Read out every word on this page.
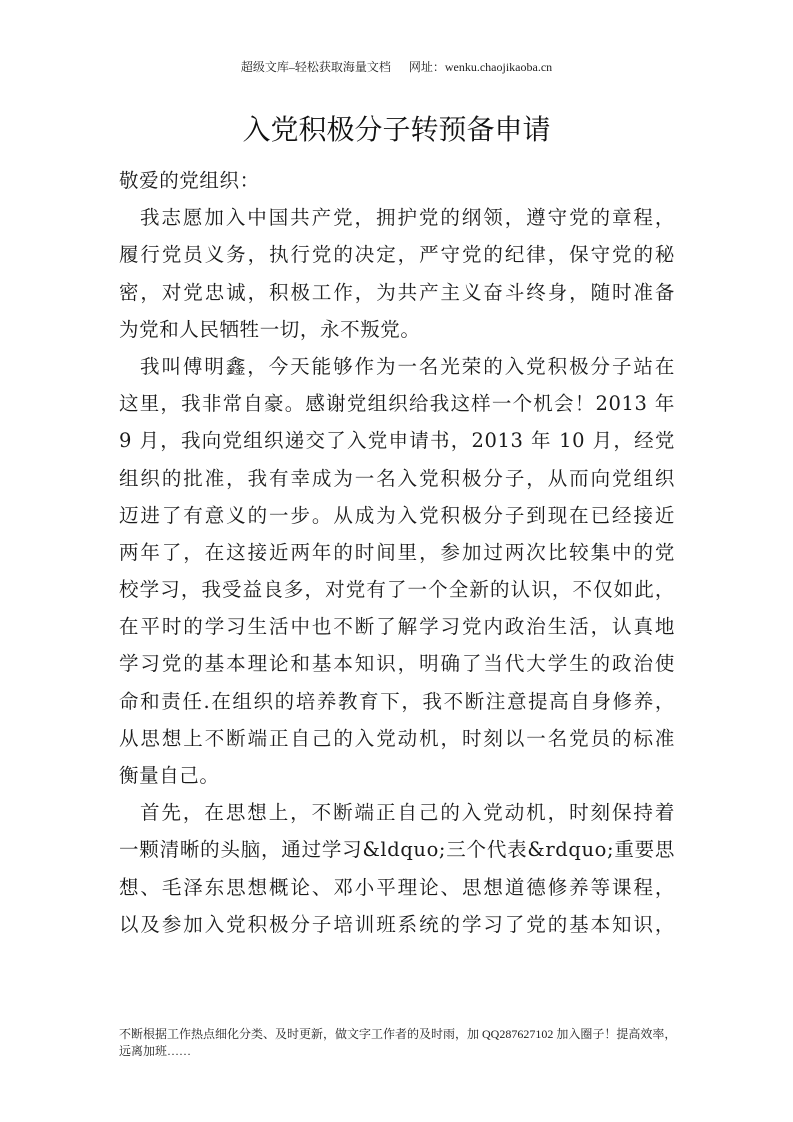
超级文库–轻松获取海量文档 网址：wenku.chaojikaoba.cn
入党积极分子转预备申请
敬爱的党组织：
我志愿加入中国共产党，拥护党的纲领，遵守党的章程，
履行党员义务，执行党的决定，严守党的纪律，保守党的秘
密，对党忠诚，积极工作，为共产主义奋斗终身，随时准备
为党和人民牺牲一切，永不叛党。
我叫傅明鑫，今天能够作为一名光荣的入党积极分子站在
这里，我非常自豪。感谢党组织给我这样一个机会！2013 年
9 月，我向党组织递交了入党申请书，2013 年 10 月，经党
组织的批准，我有幸成为一名入党积极分子，从而向党组织
迈进了有意义的一步。从成为入党积极分子到现在已经接近
两年了，在这接近两年的时间里，参加过两次比较集中的党
校学习，我受益良多，对党有了一个全新的认识，不仅如此，
在平时的学习生活中也不断了解学习党内政治生活，认真地
学习党的基本理论和基本知识，明确了当代大学生的政治使
命和责任.在组织的培养教育下，我不断注意提高自身修养，
从思想上不断端正自己的入党动机，时刻以一名党员的标准
衡量自己。
首先，在思想上，不断端正自己的入党动机，时刻保持着
一颗清晰的头脑，通过学习&ldquo;三个代表&rdquo;重要思
想、毛泽东思想概论、邓小平理论、思想道德修养等课程，
以及参加入党积极分子培训班系统的学习了党的基本知识，
不断根据工作热点细化分类、及时更新，做文字工作者的及时雨，加 QQ287627102 加入圈子！提高效率，
远离加班……
